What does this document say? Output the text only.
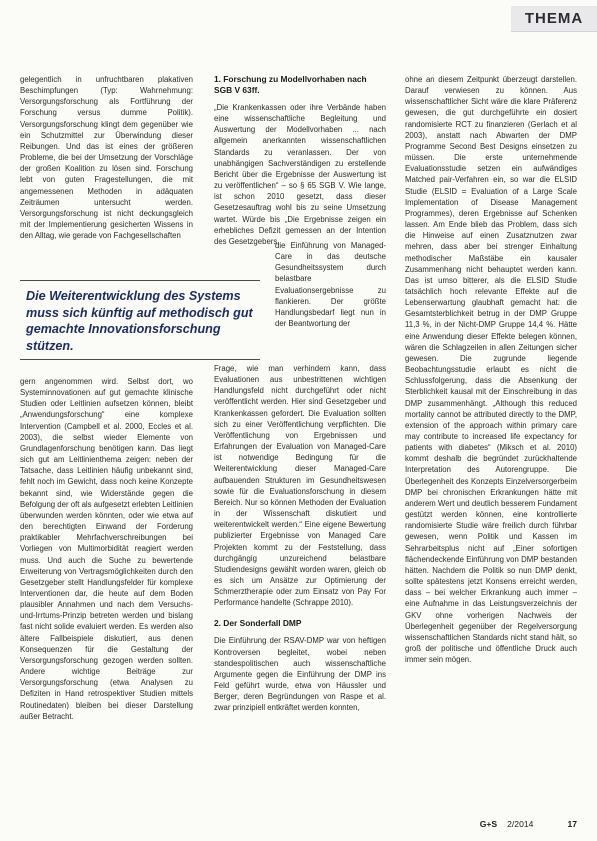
THEMA

gelegentlich in unfruchtbaren plakativen Beschimpfungen (Typ: Wahrnehmung: Versorgungsforschung als Fortführung der Forschung versus dumme Politik). Versorgungsforschung klingt dem gegenüber wie ein Schutzmittel zur Überwindung dieser Reibungen. Und das ist eines der größeren Probleme, die bei der Umsetzung der Vorschläge der großen Koalition zu lösen sind. Forschung lebt von guten Fragestellungen, die mit angemessenen Methoden in adäquaten Zeiträumen untersucht werden. Versorgungsforschung ist nicht deckungsgleich mit der Implementierung gesicherten Wissens in den Alltag, wie gerade von Fachgesellschaften

Die Weiterentwicklung des Systems muss sich künftig auf methodisch gut gemachte Innovationsforschung stützen.

gern angenommen wird. Selbst dort, wo Systeminnovationen auf gut gemachte klinische Studien oder Leitlinien aufsetzen können, bleibt „Anwendungsforschung“ eine komplexe Intervention (Campbell et al. 2000, Eccles et al. 2003), die selbst wieder Elemente von Grundlagenforschung benötigen kann. Das liegt sich gut am Leitlinienthema zeigen: neben der Tatsache, dass Leitlinien häufig unbekannt sind, fehlt noch im Gewicht, dass noch keine Konzepte bekannt sind, wie Widerstände gegen die Befolgung der oft als aufgesetzt erlebten Leitlinien überwunden werden könnten, oder wie etwa auf den berechtigten Einwand der Forderung praktikabler Mehrfachverschreibungen bei Vorliegen von Multimorbidität reagiert werden muss. Und auch die Suche zu bewertende Erweiterung von Vertragsmöglichkeiten durch den Gesetzgeber stellt Handlungsfelder für komplexe Interventionen dar, die heute auf dem Boden plausibler Annahmen und nach dem Versuchs-und-Irrtums-Prinzip betreten werden und bislang fast nicht solide evaluiert werden. Es werden also ältere Fallbeispiele diskutiert, aus denen Konsequenzen für die Gestaltung der Versorgungsforschung gezogen werden sollten. Andere wichtige Beiträge zur Versorgungsforschung (etwa Analysen zu Defiziten in Hand retrospektiver Studien mittels Routinedaten) bleiben bei dieser Darstellung außer Betracht.

1. Forschung zu Modellvorhaben nach SGB V 63ff.

„Die Krankenkassen oder ihre Verbände haben eine wissenschaftliche Begleitung und Auswertung der Modellvorhaben ... nach allgemein anerkannten wissenschaftlichen Standards zu veranlassen. Der von unabhängigen Sachverständigen zu erstellende Bericht über die Ergebnisse der Auswertung ist zu veröffentlichen“ – so § 65 SGB V. Wie lange, ist schon 2010 gesetzt, dass dieser Gesetzesauftrag wohl bis zu seine Umsetzung wartet. Würde bis „Die Ergebnisse zeigen ein erhebliches Defizit gemessen an der Intention des Gesetzgebers,

die Einführung von Managed-Care in das deutsche Gesundheitssystem durch belastbare Evaluationsergebnisse zu flankieren. Der größte Handlungsbedarf liegt nun in der Beantwortung der

Frage, wie man verhindern kann, dass Evaluationen aus unbestrittenen wichtigen Handlungsfeld nicht durchgeführt oder nicht veröffentlicht werden. Hier sind Gesetzgeber und Krankenkassen gefordert. Die Evaluation sollten sich zu einer Veröffentlichung verpflichten. Die Veröffentlichung von Ergebnissen und Erfahrungen der Evaluation von Managed-Care ist notwendige Bedingung für die Weiterentwicklung dieser Managed-Care aufbauenden Strukturen im Gesundheitswesen sowie für die Evaluationsforschung in diesem Bereich. Nur so können Methoden der Evaluation in der Wissenschaft diskutiert und weiterentwickelt werden.“ Eine eigene Bewertung publizierter Ergebnisse von Managed Care Projekten kommt zu der Feststellung, dass durchgängig unzureichend belastbare Studiendesigns gewählt worden waren, gleich ob es sich um Ansätze zur Optimierung der Schmerztherapie oder zum Einsatz von Pay For Performance handelte (Schrappe 2010).

2. Der Sonderfall DMP

Die Einführung der RSAV-DMP war von heftigen Kontroversen begleitet, wobei neben standespolitischen auch wissenschaftliche Argumente gegen die Einführung der DMP ins Feld geführt wurde, etwa von Häussler und Berger, deren Begründungen von Raspe et al. zwar prinzipiell entkräftet werden konnten,

ohne an diesem Zeitpunkt überzeugt darstellen. Darauf verwiesen zu können. Aus wissenschaftlicher Sicht wäre die klare Präferenz gewesen, die gut durchgeführte ein dosiert randomisierte RCT zu finanzieren (Gerlach et al 2003), anstatt nach Abwarten der DMP Programme Second Best Designs einsetzen zu müssen. Die erste unternehmende Evaluationsstudie setzen ein aufwändiges Matched pair-Verfahren ein, so war die ELSID Studie (ELSID = Evaluation of a Large Scale Implementation of Disease Management Programmes), deren Ergebnisse auf Schenken lassen. Am Ende blieb das Problem, dass sich die Hinweise auf einen Zusatznutzen zwar mehren, dass aber bei strenger Einhaltung methodischer Maßstäbe ein kausaler Zusammenhang nicht behauptet werden kann. Das ist umso bitterer, als die ELSID Studie tatsächlich hoch relevante Effekte auf die Lebenserwartung glaubhaft gemacht hat: die Gesamtsterblichkeit betrug in der DMP Gruppe 11,3 %, in der Nicht-DMP Gruppe 14,4 %. Hätte eine Anwendung dieser Effekte belegen können, wären die Schlagzeilen in allen Zeitungen sicher gewesen. Die zugrunde liegende Beobachtungsstudie erlaubt es nicht die Schlussfolgerung, dass die Absenkung der Sterblichkeit kausal mit der Einschreibung in das DMP zusammenhängt. „Although this reduced mortality cannot be attributed directly to the DMP, extension of the approach within primary care may contribute to increased life expectancy for patients with diabetes“ (Miksch et al. 2010) kommt deshalb die begründet zurückhaltende Interpretation des Autorengruppe. Die Überlegenheit des Konzepts Einzelversorgerbeim DMP bei chronischen Erkrankungen hätte mit anderem Wert und deutlich besserem Fundament gestützt werden können, eine kontrollierte randomisierte Studie wäre freilich durch führbar gewesen, wenn Politik und Kassen im Sehrarbeitsplus nicht auf „Einer sofortigen flächendeckende Einführung von DMP bestanden hätten. Nachdem die Politik so nun DMP denkt, sollte spätestens jetzt Konsens erreicht werden, dass – bei welcher Erkrankung auch immer – eine Aufnahme in das Leistungsverzeichnis der GKV ohne vorherigen Nachweis der Überlegenheit gegenüber der Regelversorgung wissenschaftlichen Standards nicht stand hält, so groß der politische und öffentliche Druck auch immer sein mögen.

G+S 2/2014	17
